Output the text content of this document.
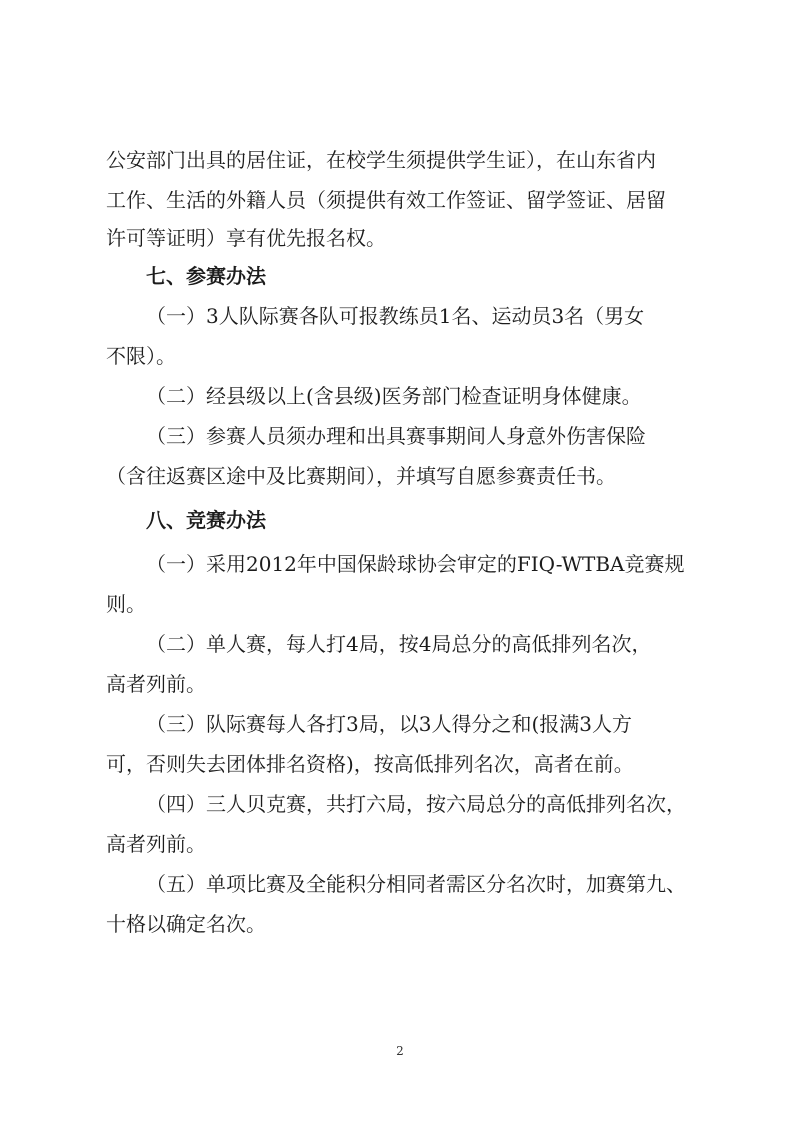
公安部门出具的居住证，在校学生须提供学生证），在山东省内
工作、生活的外籍人员（须提供有效工作签证、留学签证、居留
许可等证明）享有优先报名权。
七、参赛办法
（一）3人队际赛各队可报教练员1名、运动员3名（男女
不限）。
（二）经县级以上(含县级)医务部门检查证明身体健康。
（三）参赛人员须办理和出具赛事期间人身意外伤害保险
（含往返赛区途中及比赛期间），并填写自愿参赛责任书。
八、竞赛办法
（一）采用2012年中国保龄球协会审定的FIQ-WTBA竞赛规
则。
（二）单人赛，每人打4局，按4局总分的高低排列名次，
高者列前。
（三）队际赛每人各打3局，以3人得分之和(报满3人方
可，否则失去团体排名资格)，按高低排列名次，高者在前。
（四）三人贝克赛，共打六局，按六局总分的高低排列名次，
高者列前。
（五）单项比赛及全能积分相同者需区分名次时，加赛第九、
十格以确定名次。
2
